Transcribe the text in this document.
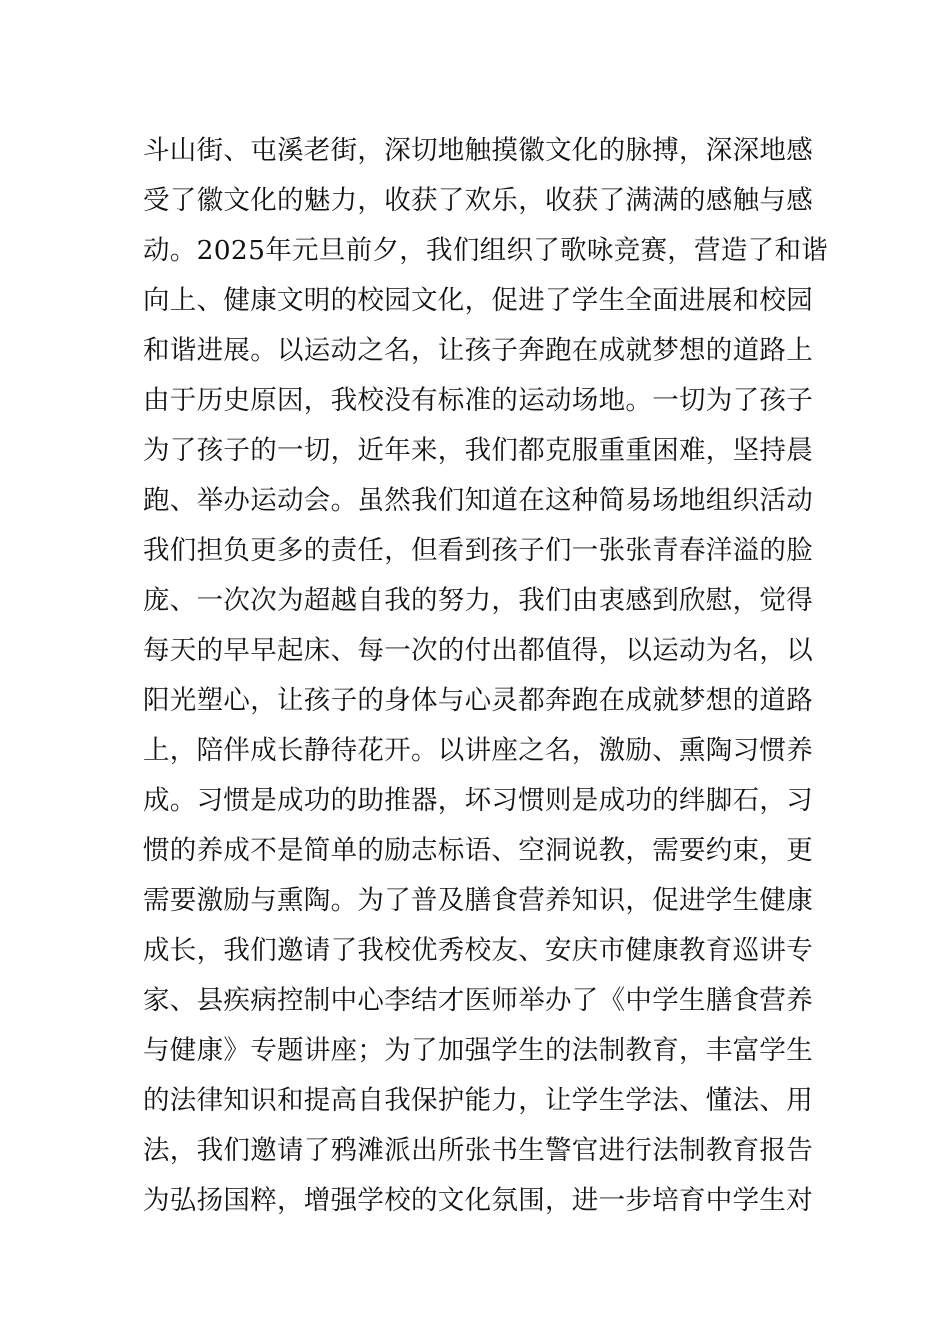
斗山街、屯溪老街，深切地触摸徽文化的脉搏，深深地感
受了徽文化的魅力，收获了欢乐，收获了满满的感触与感
动。2025年元旦前夕，我们组织了歌咏竞赛，营造了和谐
向上、健康文明的校园文化，促进了学生全面进展和校园
和谐进展。以运动之名，让孩子奔跑在成就梦想的道路上
由于历史原因，我校没有标准的运动场地。一切为了孩子
为了孩子的一切，近年来，我们都克服重重困难，坚持晨
跑、举办运动会。虽然我们知道在这种简易场地组织活动
我们担负更多的责任，但看到孩子们一张张青春洋溢的脸
庞、一次次为超越自我的努力，我们由衷感到欣慰，觉得
每天的早早起床、每一次的付出都值得，以运动为名，以
阳光塑心，让孩子的身体与心灵都奔跑在成就梦想的道路
上，陪伴成长静待花开。以讲座之名，激励、熏陶习惯养
成。习惯是成功的助推器，坏习惯则是成功的绊脚石，习
惯的养成不是简单的励志标语、空洞说教，需要约束，更
需要激励与熏陶。为了普及膳食营养知识，促进学生健康
成长，我们邀请了我校优秀校友、安庆市健康教育巡讲专
家、县疾病控制中心李结才医师举办了《中学生膳食营养
与健康》专题讲座；为了加强学生的法制教育，丰富学生
的法律知识和提高自我保护能力，让学生学法、懂法、用
法，我们邀请了鸦滩派出所张书生警官进行法制教育报告
为弘扬国粹，增强学校的文化氛围，进一步培育中学生对
